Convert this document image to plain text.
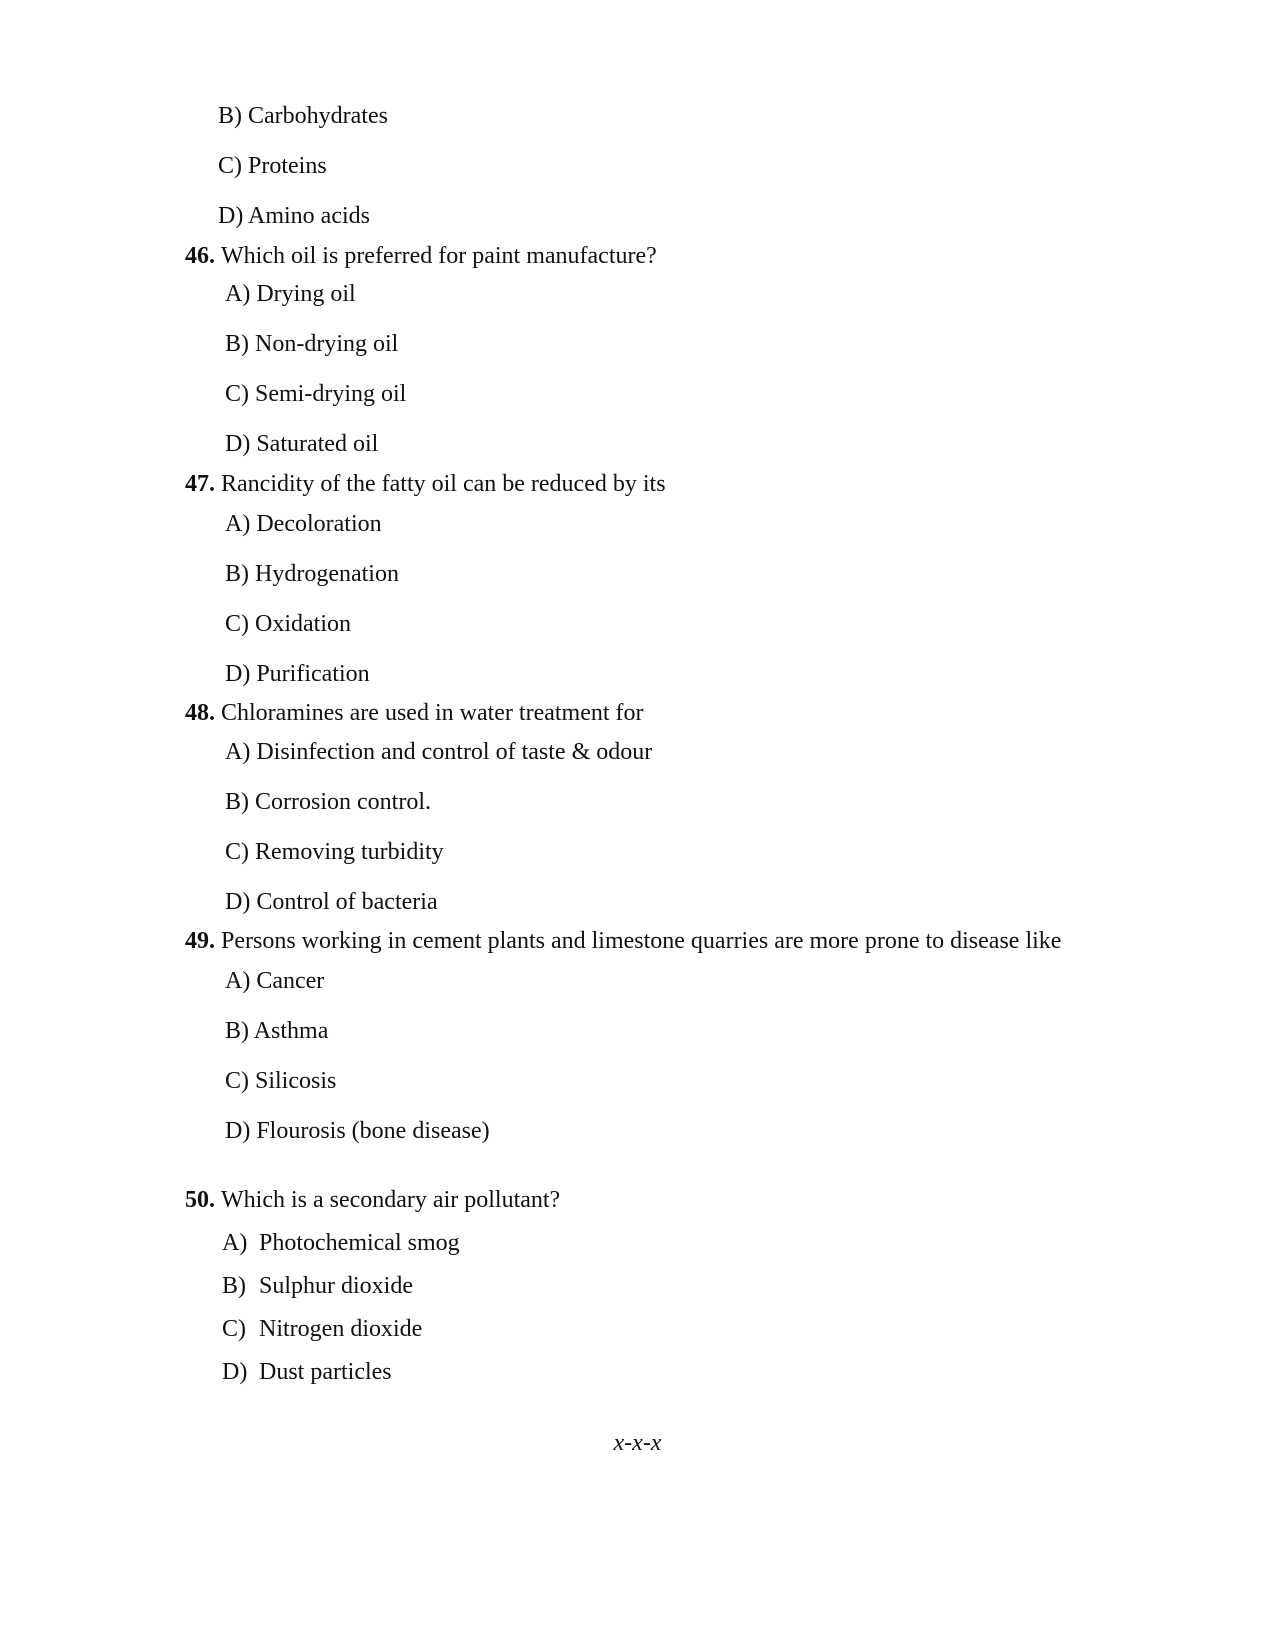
B) Carbohydrates
C) Proteins
D) Amino acids
46. Which oil is preferred for paint manufacture?
A) Drying oil
B) Non-drying oil
C) Semi-drying oil
D) Saturated oil
47. Rancidity of the fatty oil can be reduced by its
A) Decoloration
B) Hydrogenation
C) Oxidation
D) Purification
48. Chloramines are used in water treatment for
A) Disinfection and control of taste & odour
B) Corrosion control.
C) Removing turbidity
D) Control of bacteria
49. Persons working in cement plants and limestone quarries are more prone to disease like
A) Cancer
B) Asthma
C) Silicosis
D) Flourosis (bone disease)
50. Which is a secondary air pollutant?
A) Photochemical smog
B) Sulphur dioxide
C) Nitrogen dioxide
D) Dust particles
x-x-x
